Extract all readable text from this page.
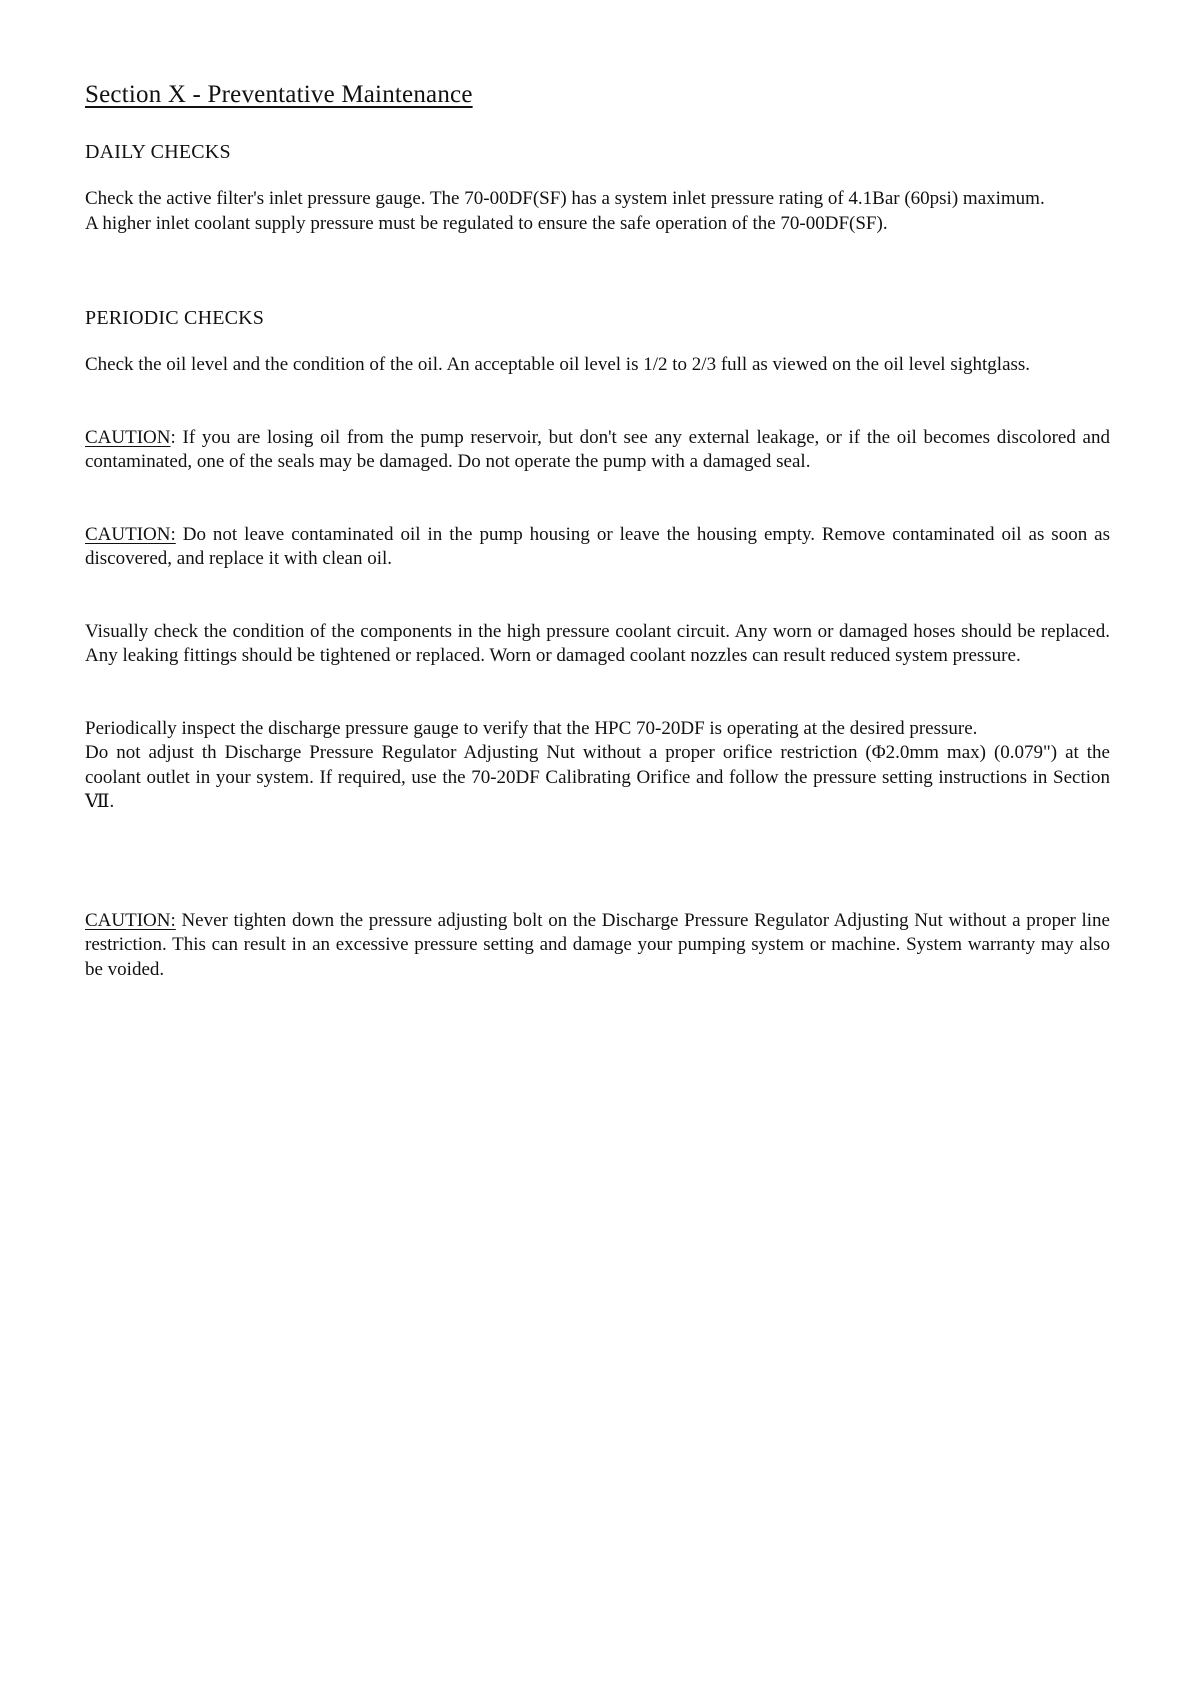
Section X - Preventative Maintenance
DAILY CHECKS
Check the active filter's inlet pressure gauge. The 70-00DF(SF) has a system inlet pressure rating of 4.1Bar (60psi) maximum.
A higher inlet coolant supply pressure must be regulated to ensure the safe operation of the 70-00DF(SF).
PERIODIC CHECKS

Check the oil level and the condition of the oil. An acceptable oil level is 1/2 to 2/3 full as viewed on the oil level sightglass.

CAUTION: If you are losing oil from the pump reservoir, but don't see any external leakage, or if the oil becomes discolored and contaminated, one of the seals may be damaged. Do not operate the pump with a damaged seal.

CAUTION: Do not leave contaminated oil in the pump housing or leave the housing empty. Remove contaminated oil as soon as discovered, and replace it with clean oil.

Visually check the condition of the components in the high pressure coolant circuit. Any worn or damaged hoses should be replaced. Any leaking fittings should be tightened or replaced. Worn or damaged coolant nozzles can result reduced system pressure.

Periodically inspect the discharge pressure gauge to verify that the HPC 70-20DF is operating at the desired pressure.
Do not adjust th Discharge Pressure Regulator Adjusting Nut without a proper orifice restriction (Φ2.0mm max) (0.079") at the coolant outlet in your system. If required, use the 70-20DF Calibrating Orifice and follow the pressure setting instructions in Section Ⅶ.

CAUTION: Never tighten down the pressure adjusting bolt on the Discharge Pressure Regulator Adjusting Nut without a proper line restriction. This can result in an excessive pressure setting and damage your pumping system or machine. System warranty may also be voided.
